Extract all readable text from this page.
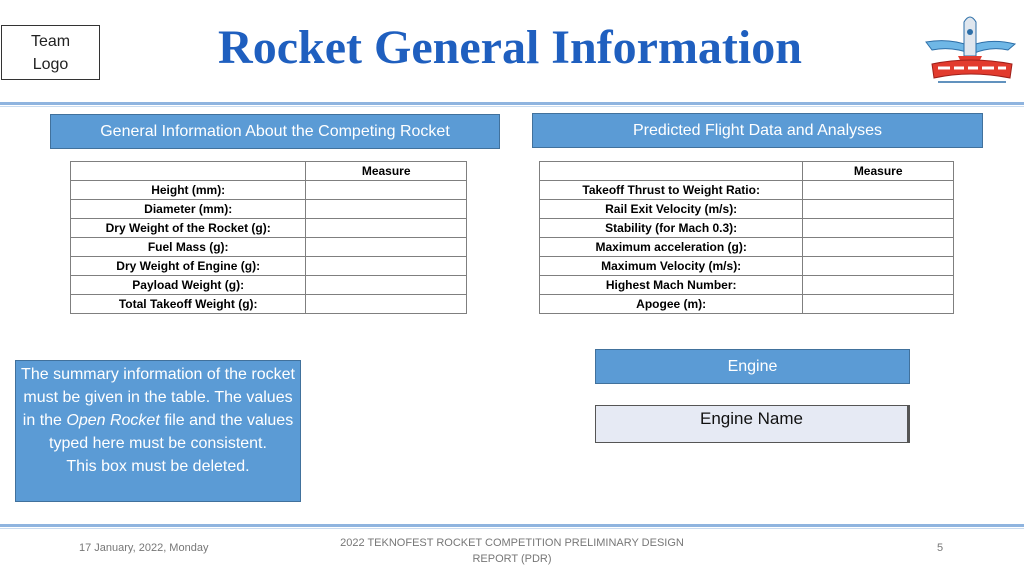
Team
Logo	Rocket General Information
General Information About the Competing Rocket	Predicted Flight Data and Analyses
	Measure
Height (mm):	
Diameter (mm):	
Dry Weight of the Rocket (g):	
Fuel Mass (g):	
Dry Weight of Engine (g):	
Payload Weight (g):	
Total Takeoff Weight (g):	
	Measure
Takeoff Thrust to Weight Ratio:	
Rail Exit Velocity (m/s):	
Stability (for Mach 0.3):	
Maximum acceleration (g):	
Maximum Velocity (m/s):	
Highest Mach Number:	
Apogee (m):	
The summary information of the rocket must be given in the table. The values in the Open Rocket file and the values typed here must be consistent.
This box must be deleted.
Engine
Engine Name
17 January, 2022, Monday	2022 TEKNOFEST ROCKET COMPETITION PRELIMINARY DESIGN REPORT (PDR)
5
